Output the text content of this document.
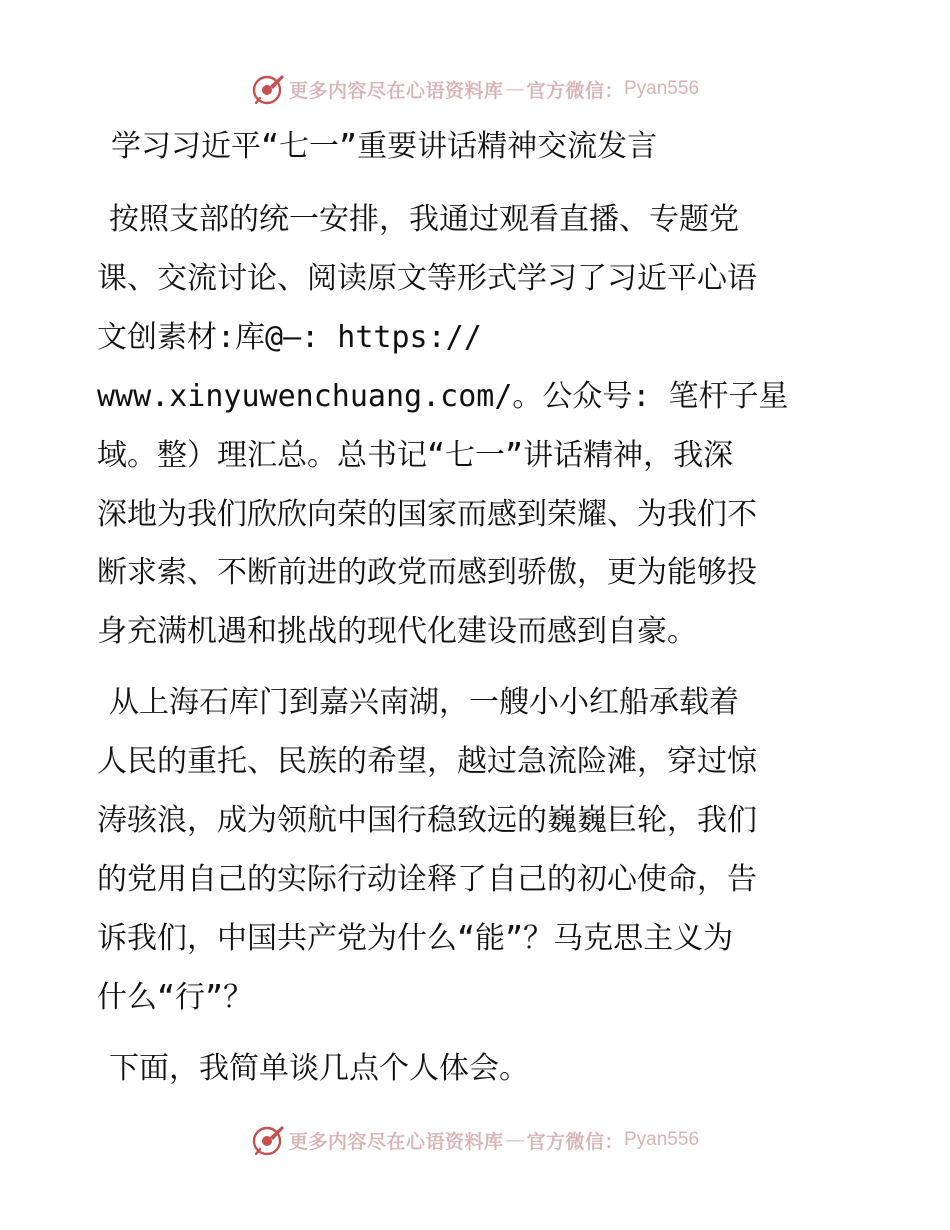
更多内容尽在心语资料库 — 官方微信： Pyan556
学习习近平“七一”重要讲话精神交流发言
按照支部的统一安排，我通过观看直播、专题党
课、交流讨论、阅读原文等形式学习了习近平心语
文创素材:库@—: https://
www.xinyuwenchuang.com/。公众号: 笔杆子星
域。整）理汇总。总书记“七一”讲话精神，我深
深地为我们欣欣向荣的国家而感到荣耀、为我们不
断求索、不断前进的政党而感到骄傲，更为能够投
身充满机遇和挑战的现代化建设而感到自豪。
从上海石库门到嘉兴南湖，一艘小小红船承载着
人民的重托、民族的希望，越过急流险滩，穿过惊
涛骇浪，成为领航中国行稳致远的巍巍巨轮，我们
的党用自己的实际行动诠释了自己的初心使命，告
诉我们，中国共产党为什么“能”？马克思主义为
什么“行”？
下面，我简单谈几点个人体会。
更多内容尽在心语资料库 — 官方微信： Pyan556
